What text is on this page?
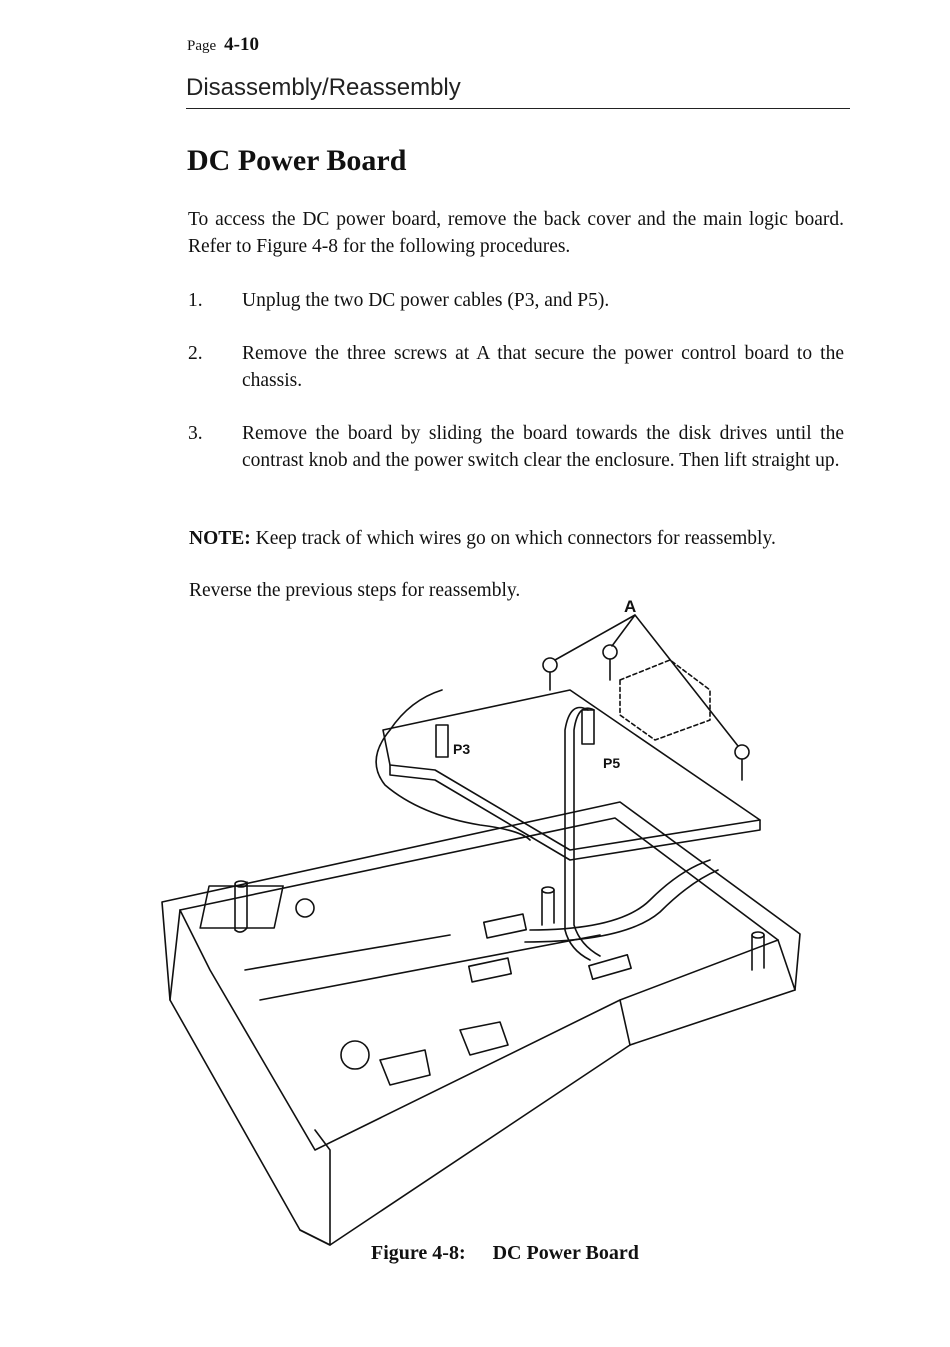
Page 4-10
Disassembly/Reassembly
DC Power Board

To access the DC power board, remove the back cover and the main logic board. Refer to Figure 4-8 for the following procedures.

1. Unplug the two DC power cables (P3, and P5).
2. Remove the three screws at A that secure the power control board to the chassis.
3. Remove the board by sliding the board towards the disk drives until the contrast knob and the power switch clear the enclosure. Then lift straight up.
NOTE: Keep track of which wires go on which connectors for reassembly.
Reverse the previous steps for reassembly.
A
P3
P5
Figure 4-8: DC Power Board
